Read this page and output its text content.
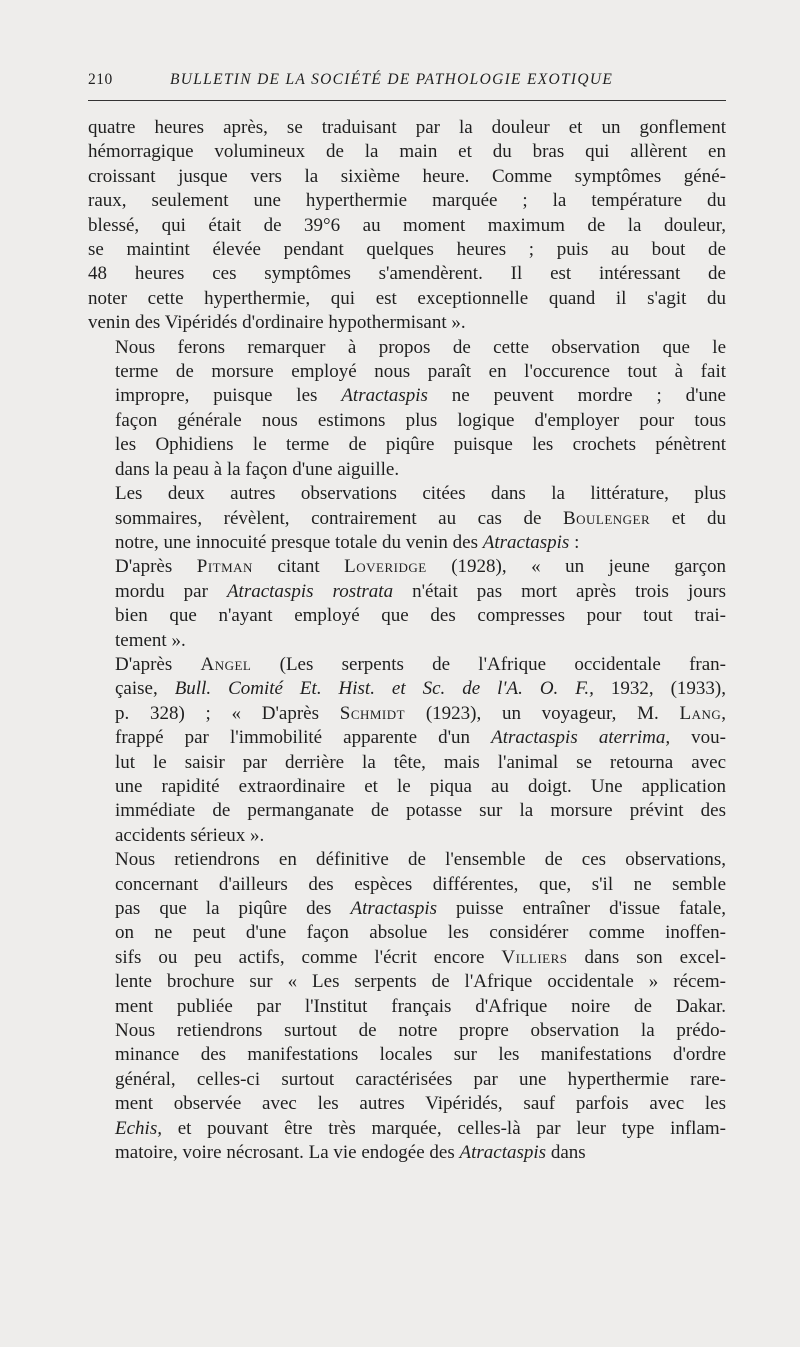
210	BULLETIN DE LA SOCIÉTÉ DE PATHOLOGIE EXOTIQUE

quatre heures après, se traduisant par la douleur et un gonflement
hémorragique volumineux de la main et du bras qui allèrent en
croissant jusque vers la sixième heure. Comme symptômes géné-
raux, seulement une hyperthermie marquée ; la température du
blessé, qui était de 39°6 au moment maximum de la douleur,
se maintint élevée pendant quelques heures ; puis au bout de
48 heures ces symptômes s'amendèrent. Il est intéressant de
noter cette hyperthermie, qui est exceptionnelle quand il s'agit du
venin des Vipéridés d'ordinaire hypothermisant ».

Nous ferons remarquer à propos de cette observation que le
terme de morsure employé nous paraît en l'occurence tout à fait
impropre, puisque les Atractaspis ne peuvent mordre ; d'une
façon générale nous estimons plus logique d'employer pour tous
les Ophidiens le terme de piqûre puisque les crochets pénètrent
dans la peau à la façon d'une aiguille.

Les deux autres observations citées dans la littérature, plus
sommaires, révèlent, contrairement au cas de Boulenger et du
notre, une innocuité presque totale du venin des Atractaspis :

D'après Pitman citant Loveridge (1928), « un jeune garçon
mordu par Atractaspis rostrata n'était pas mort après trois jours
bien que n'ayant employé que des compresses pour tout trai-
tement ».

D'après Angel (Les serpents de l'Afrique occidentale fran-
çaise, Bull. Comité Et. Hist. et Sc. de l'A. O. F., 1932, (1933),
p. 328) ; « D'après Schmidt (1923), un voyageur, M. Lang,
frappé par l'immobilité apparente d'un Atractaspis aterrima, vou-
lut le saisir par derrière la tête, mais l'animal se retourna avec
une rapidité extraordinaire et le piqua au doigt. Une application
immédiate de permanganate de potasse sur la morsure prévint des
accidents sérieux ».

Nous retiendrons en définitive de l'ensemble de ces observations,
concernant d'ailleurs des espèces différentes, que, s'il ne semble
pas que la piqûre des Atractaspis puisse entraîner d'issue fatale,
on ne peut d'une façon absolue les considérer comme inoffen-
sifs ou peu actifs, comme l'écrit encore Villiers dans son excel-
lente brochure sur « Les serpents de l'Afrique occidentale » récem-
ment publiée par l'Institut français d'Afrique noire de Dakar.
Nous retiendrons surtout de notre propre observation la prédo-
minance des manifestations locales sur les manifestations d'ordre
général, celles-ci surtout caractérisées par une hyperthermie rare-
ment observée avec les autres Vipéridés, sauf parfois avec les
Echis, et pouvant être très marquée, celles-là par leur type inflam-
matoire, voire nécrosant. La vie endogée des Atractaspis dans
